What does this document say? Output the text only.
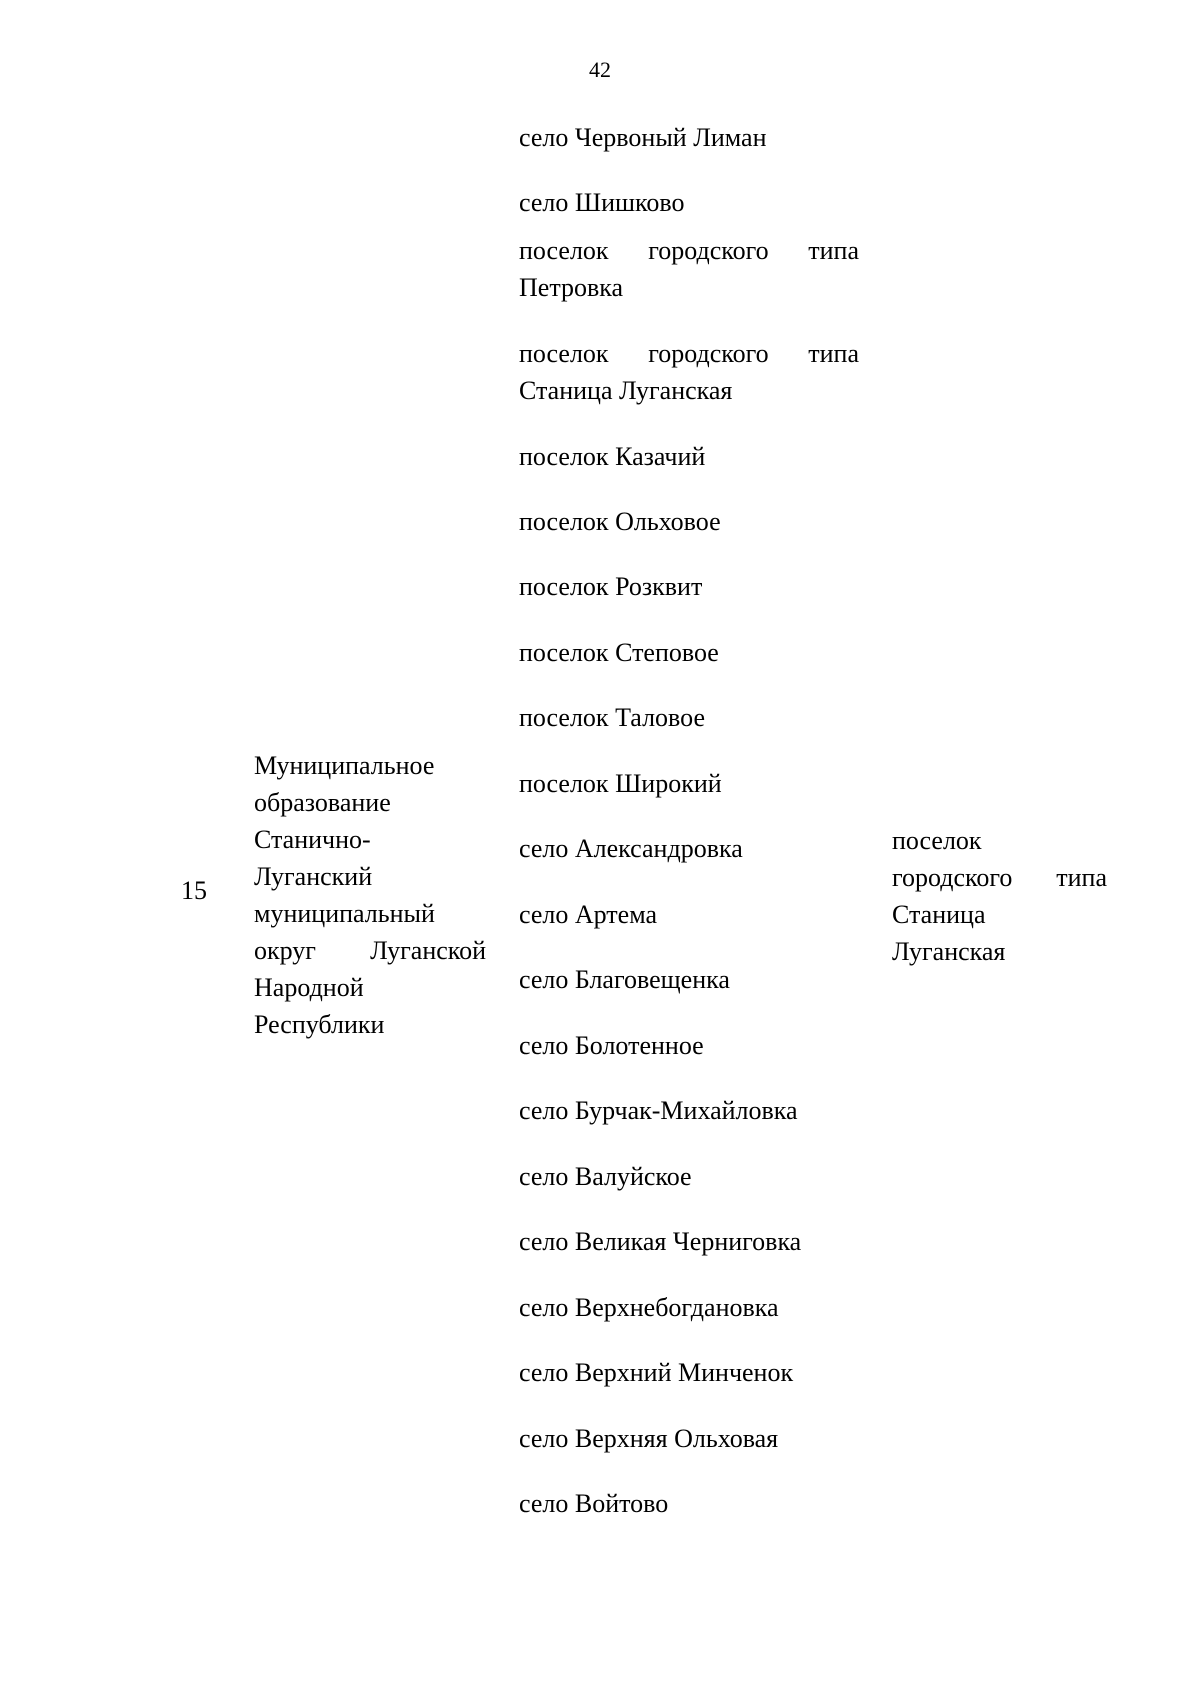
42
15
Муниципальное
образование
Станично-
Луганский
муниципальный
округ Луганской
Народной
Республики
село Червоный Лиман
село Шишково
поселок городского типа
Петровка
поселок городского типа
Станица Луганская
поселок Казачий
поселок Ольховое
поселок Розквит
поселок Степовое
поселок Таловое
поселок Широкий
село Александровка
село Артема
село Благовещенка
село Болотенное
село Бурчак-Михайловка
село Валуйское
село Великая Черниговка
село Верхнебогдановка
село Верхний Минченок
село Верхняя Ольховая
село Войтово
поселок
городского типа
Станица
Луганская
